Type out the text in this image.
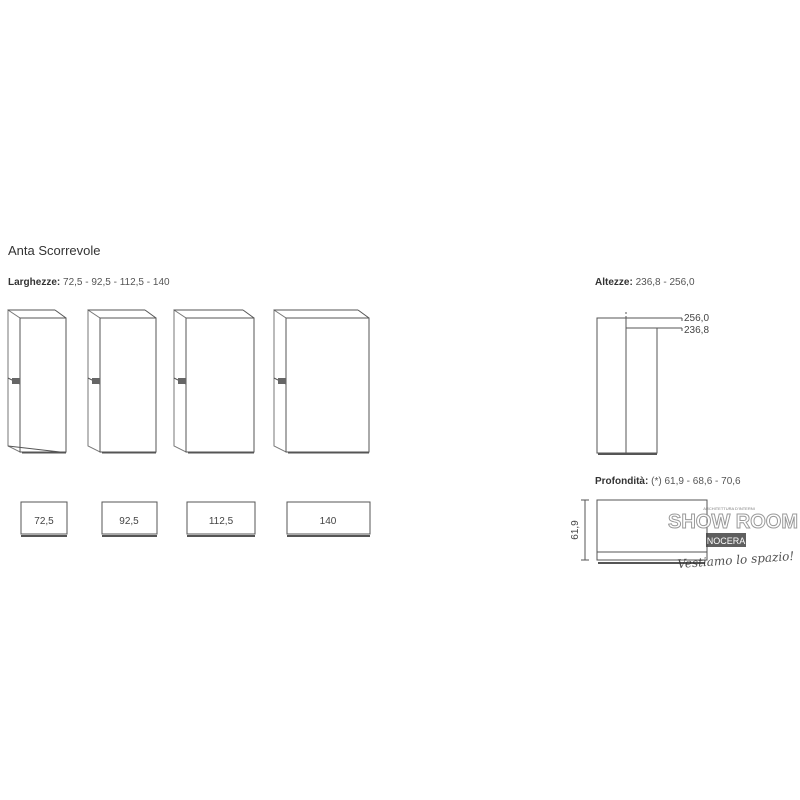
Anta Scorrevole
Larghezze: 72,5 - 92,5 - 112,5 - 140	Altezze: 236,8 - 256,0
Profondità: (*) 61,9 - 68,6 - 70,6
72,5	92,5	112,5	140
256,0
236,8
61,9	SHOW ROOM
ARCHITETTURA D'INTERNI
NOCERA
Vestiamo lo spazio!
